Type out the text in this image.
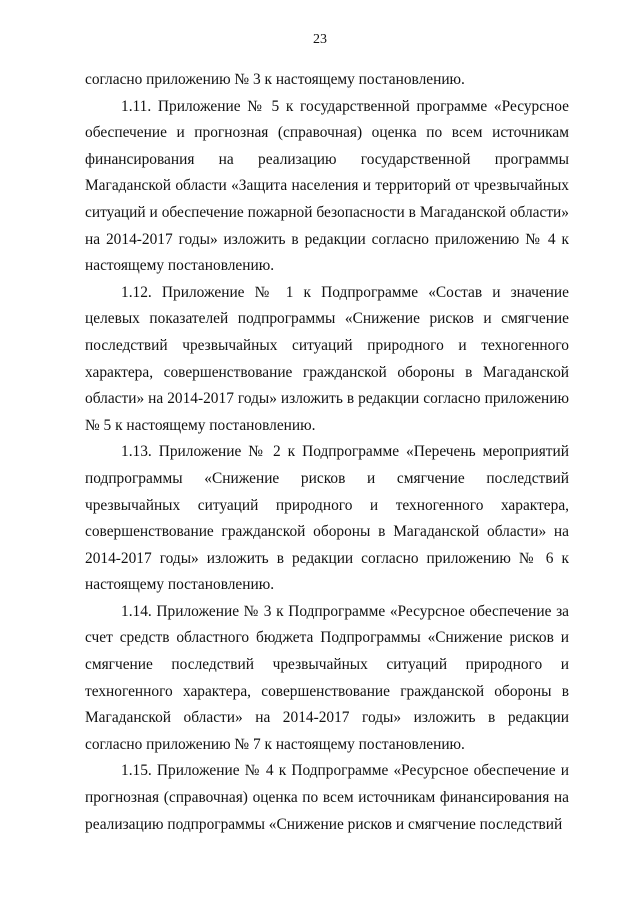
23

согласно приложению № 3 к настоящему постановлению.

1.11. Приложение № 5 к государственной программе «Ресурсное обеспечение и прогнозная (справочная) оценка по всем источникам финансирования на реализацию государственной программы Магаданской области «Защита населения и территорий от чрезвычайных ситуаций и обеспечение пожарной безопасности в Магаданской области» на 2014-2017 годы» изложить в редакции согласно приложению № 4 к настоящему постановлению.

1.12. Приложение № 1 к Подпрограмме «Состав и значение целевых показателей подпрограммы «Снижение рисков и смягчение последствий чрезвычайных ситуаций природного и техногенного характера, совершенствование гражданской обороны в Магаданской области» на 2014-2017 годы» изложить в редакции согласно приложению № 5 к настоящему постановлению.

1.13. Приложение № 2 к Подпрограмме «Перечень мероприятий подпрограммы «Снижение рисков и смягчение последствий чрезвычайных ситуаций природного и техногенного характера, совершенствование гражданской обороны в Магаданской области» на 2014-2017 годы» изложить в редакции согласно приложению № 6 к настоящему постановлению.

1.14. Приложение № 3 к Подпрограмме «Ресурсное обеспечение за счет средств областного бюджета Подпрограммы «Снижение рисков и смягчение последствий чрезвычайных ситуаций природного и техногенного характера, совершенствование гражданской обороны в Магаданской области» на 2014-2017 годы» изложить в редакции согласно приложению № 7 к настоящему постановлению.

1.15. Приложение № 4 к Подпрограмме «Ресурсное обеспечение и прогнозная (справочная) оценка по всем источникам финансирования на реализацию подпрограммы «Снижение рисков и смягчение последствий
